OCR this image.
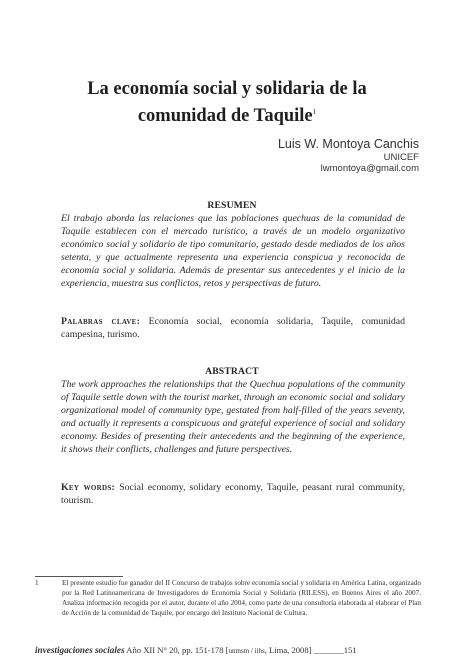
La economía social y solidaria de la
comunidad de Taquile$^1$
Luis W. Montoya Canchis
UNICEF
lwmontoya@gmail.com
RESUMEN
El trabajo aborda las relaciones que las poblaciones quechuas de la comunidad de Taquile establecen con el mercado turístico, a través de un modelo organizativo económico social y solidario de tipo comunitario, gestado desde mediados de los años setenta, y que actualmente representa una experiencia conspicua y reconocida de economía social y solidaria. Además de presentar sus antecedentes y el inicio de la experiencia, muestra sus conflictos, retos y perspectivas de futuro.
Palabras clave: Economía social, economía solidaria, Taquile, comunidad campesina, turismo.
ABSTRACT
The work approaches the relationships that the Quechua populations of the community of Taquile settle down with the tourist market, through an economic social and solidary organizational model of community type, gestated from half-filled of the years seventy, and actually it represents a conspicuous and grateful experience of social and solidary economy. Besides of presenting their antecedents and the beginning of the experience, it shows their conflicts, challenges and future perspectives.
Key words: Social economy, solidary economy, Taquile, peasant rural community, tourism.
1	El presente estudio fue ganador del II Concurso de trabajos sobre economía social y solidaria en América Latina, organizado por la Red Latinoamericana de Investigadores de Economía Social y Solidaria (RILESS), en Buenos Aires el año 2007. Analiza información recogida por el autor, durante el año 2004, como parte de una consultoría elaborada al elaborar el Plan de Acción de la comunidad de Taquile, por encargo del Instituto Nacional de Cultura.
investigaciones sociales Año XII N° 20, pp. 151-178 [unmsm / iihs, Lima, 2008] _______151
